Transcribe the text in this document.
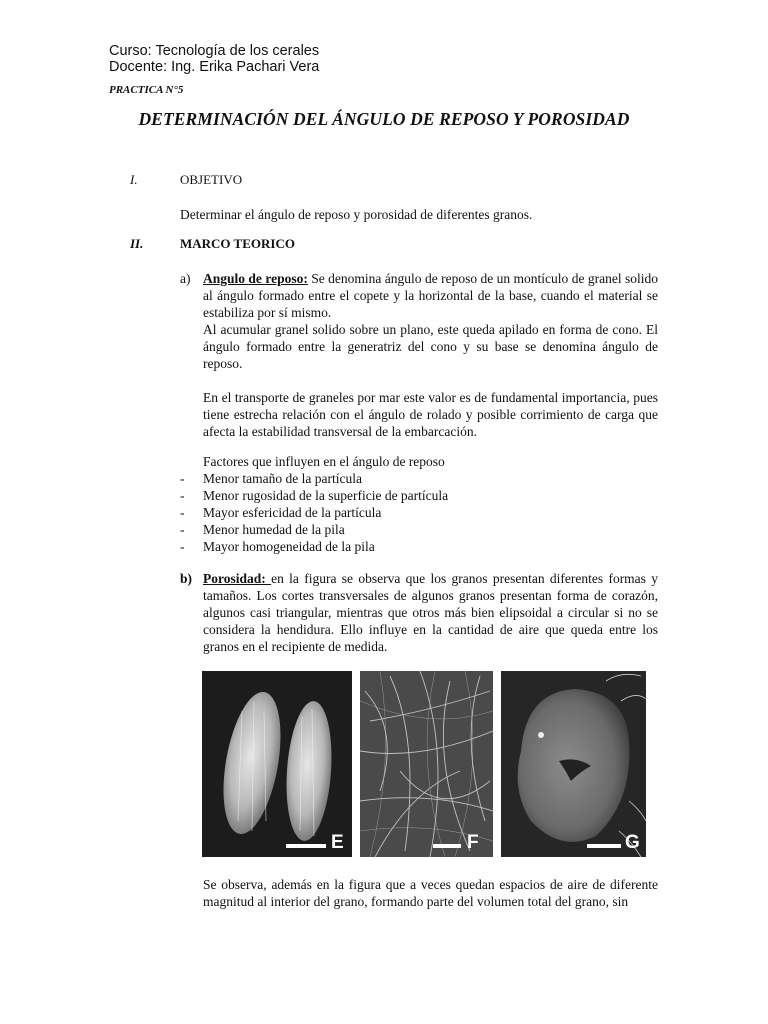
Curso: Tecnología de los cerales
Docente: Ing. Erika Pachari Vera
PRACTICA N°5
DETERMINACIÓN DEL ÁNGULO DE REPOSO Y POROSIDAD
I.	OBJETIVO
Determinar el ángulo de reposo y porosidad de diferentes granos.
II.	MARCO TEORICO
a) Angulo de reposo: Se denomina ángulo de reposo de un montículo de granel solido al ángulo formado entre el copete y la horizontal de la base, cuando el material se estabiliza por sí mismo.
Al acumular granel solido sobre un plano, este queda apilado en forma de cono. El ángulo formado entre la generatriz del cono y su base se denomina ángulo de reposo.
En el transporte de graneles por mar este valor es de fundamental importancia, pues tiene estrecha relación con el ángulo de rolado y posible corrimiento de carga que afecta la estabilidad transversal de la embarcación.
Factores que influyen en el ángulo de reposo
-	Menor tamaño de la partícula
-	Menor rugosidad de la superficie de partícula
-	Mayor esfericidad de la partícula
-	Menor humedad de la pila
-	Mayor homogeneidad de la pila
b) Porosidad: en la figura se observa que los granos presentan diferentes formas y tamaños. Los cortes transversales de algunos granos presentan forma de corazón, algunos casi triangular, mientras que otros más bien elipsoidal a circular si no se considera la hendidura. Ello influye en la cantidad de aire que queda entre los granos en el recipiente de medida.
E	F	G
Se observa, además en la figura que a veces quedan espacios de aire de diferente magnitud al interior del grano, formando parte del volumen total del grano, sin
